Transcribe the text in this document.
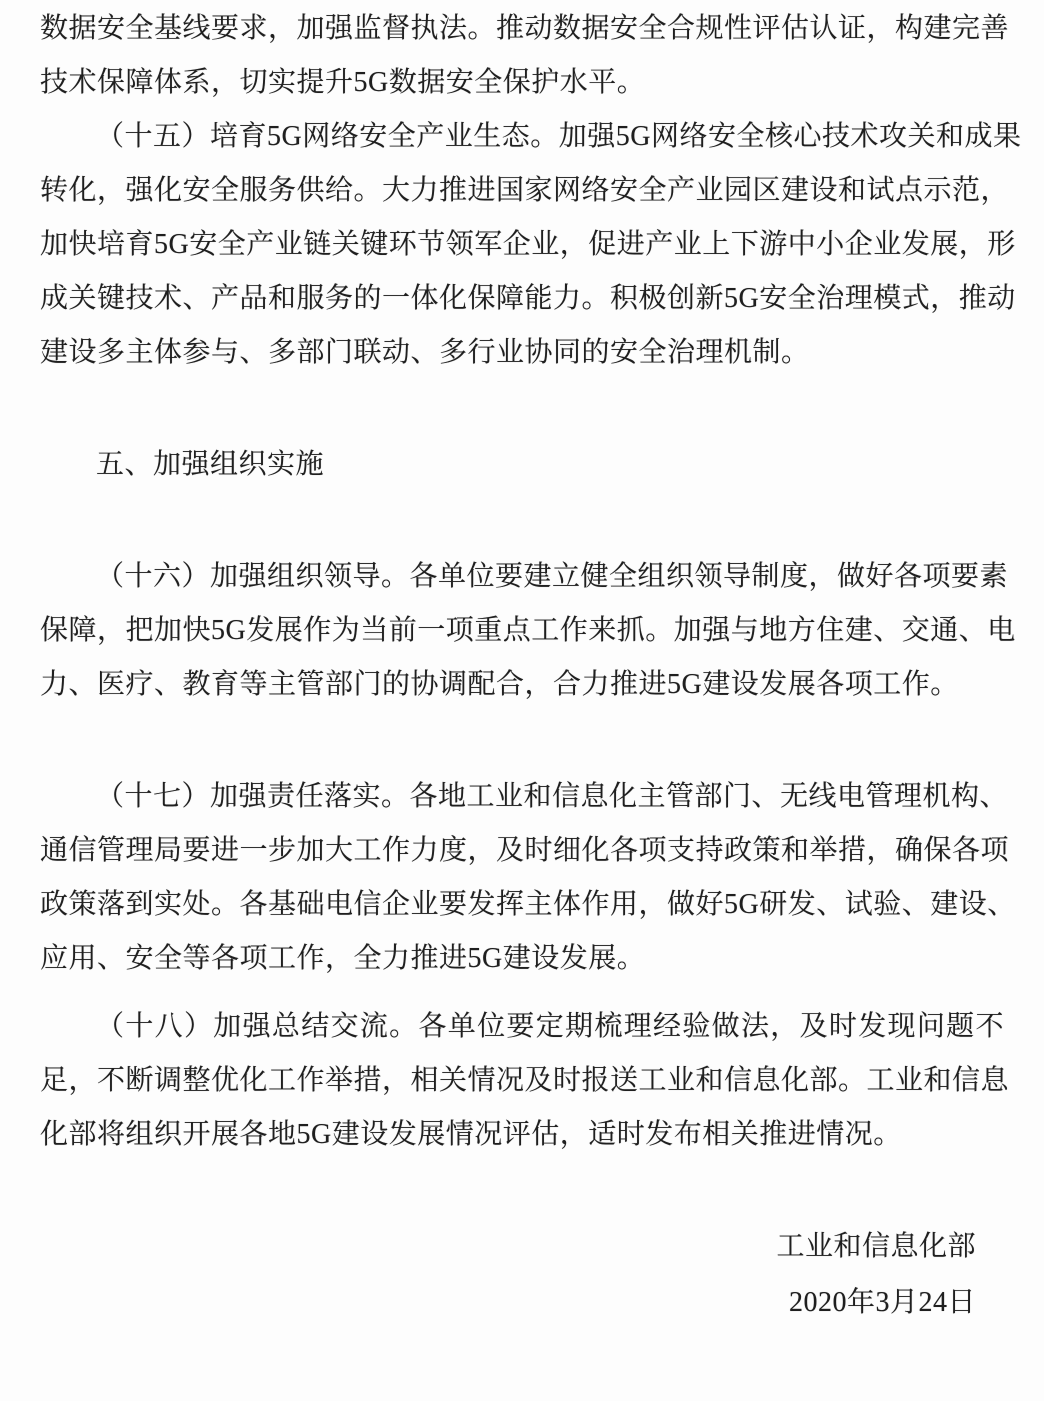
数据安全基线要求，加强监督执法。推动数据安全合规性评估认证，构建完善
技术保障体系，切实提升5G数据安全保护水平。
（十五）培育5G网络安全产业生态。加强5G网络安全核心技术攻关和成果
转化，强化安全服务供给。大力推进国家网络安全产业园区建设和试点示范，
加快培育5G安全产业链关键环节领军企业，促进产业上下游中小企业发展，形
成关键技术、产品和服务的一体化保障能力。积极创新5G安全治理模式，推动
建设多主体参与、多部门联动、多行业协同的安全治理机制。
五、加强组织实施
（十六）加强组织领导。各单位要建立健全组织领导制度，做好各项要素
保障，把加快5G发展作为当前一项重点工作来抓。加强与地方住建、交通、电
力、医疗、教育等主管部门的协调配合，合力推进5G建设发展各项工作。
（十七）加强责任落实。各地工业和信息化主管部门、无线电管理机构、
通信管理局要进一步加大工作力度，及时细化各项支持政策和举措，确保各项
政策落到实处。各基础电信企业要发挥主体作用，做好5G研发、试验、建设、
应用、安全等各项工作，全力推进5G建设发展。
（十八）加强总结交流。各单位要定期梳理经验做法，及时发现问题不
足，不断调整优化工作举措，相关情况及时报送工业和信息化部。工业和信息
化部将组织开展各地5G建设发展情况评估，适时发布相关推进情况。
工业和信息化部
2020年3月24日
